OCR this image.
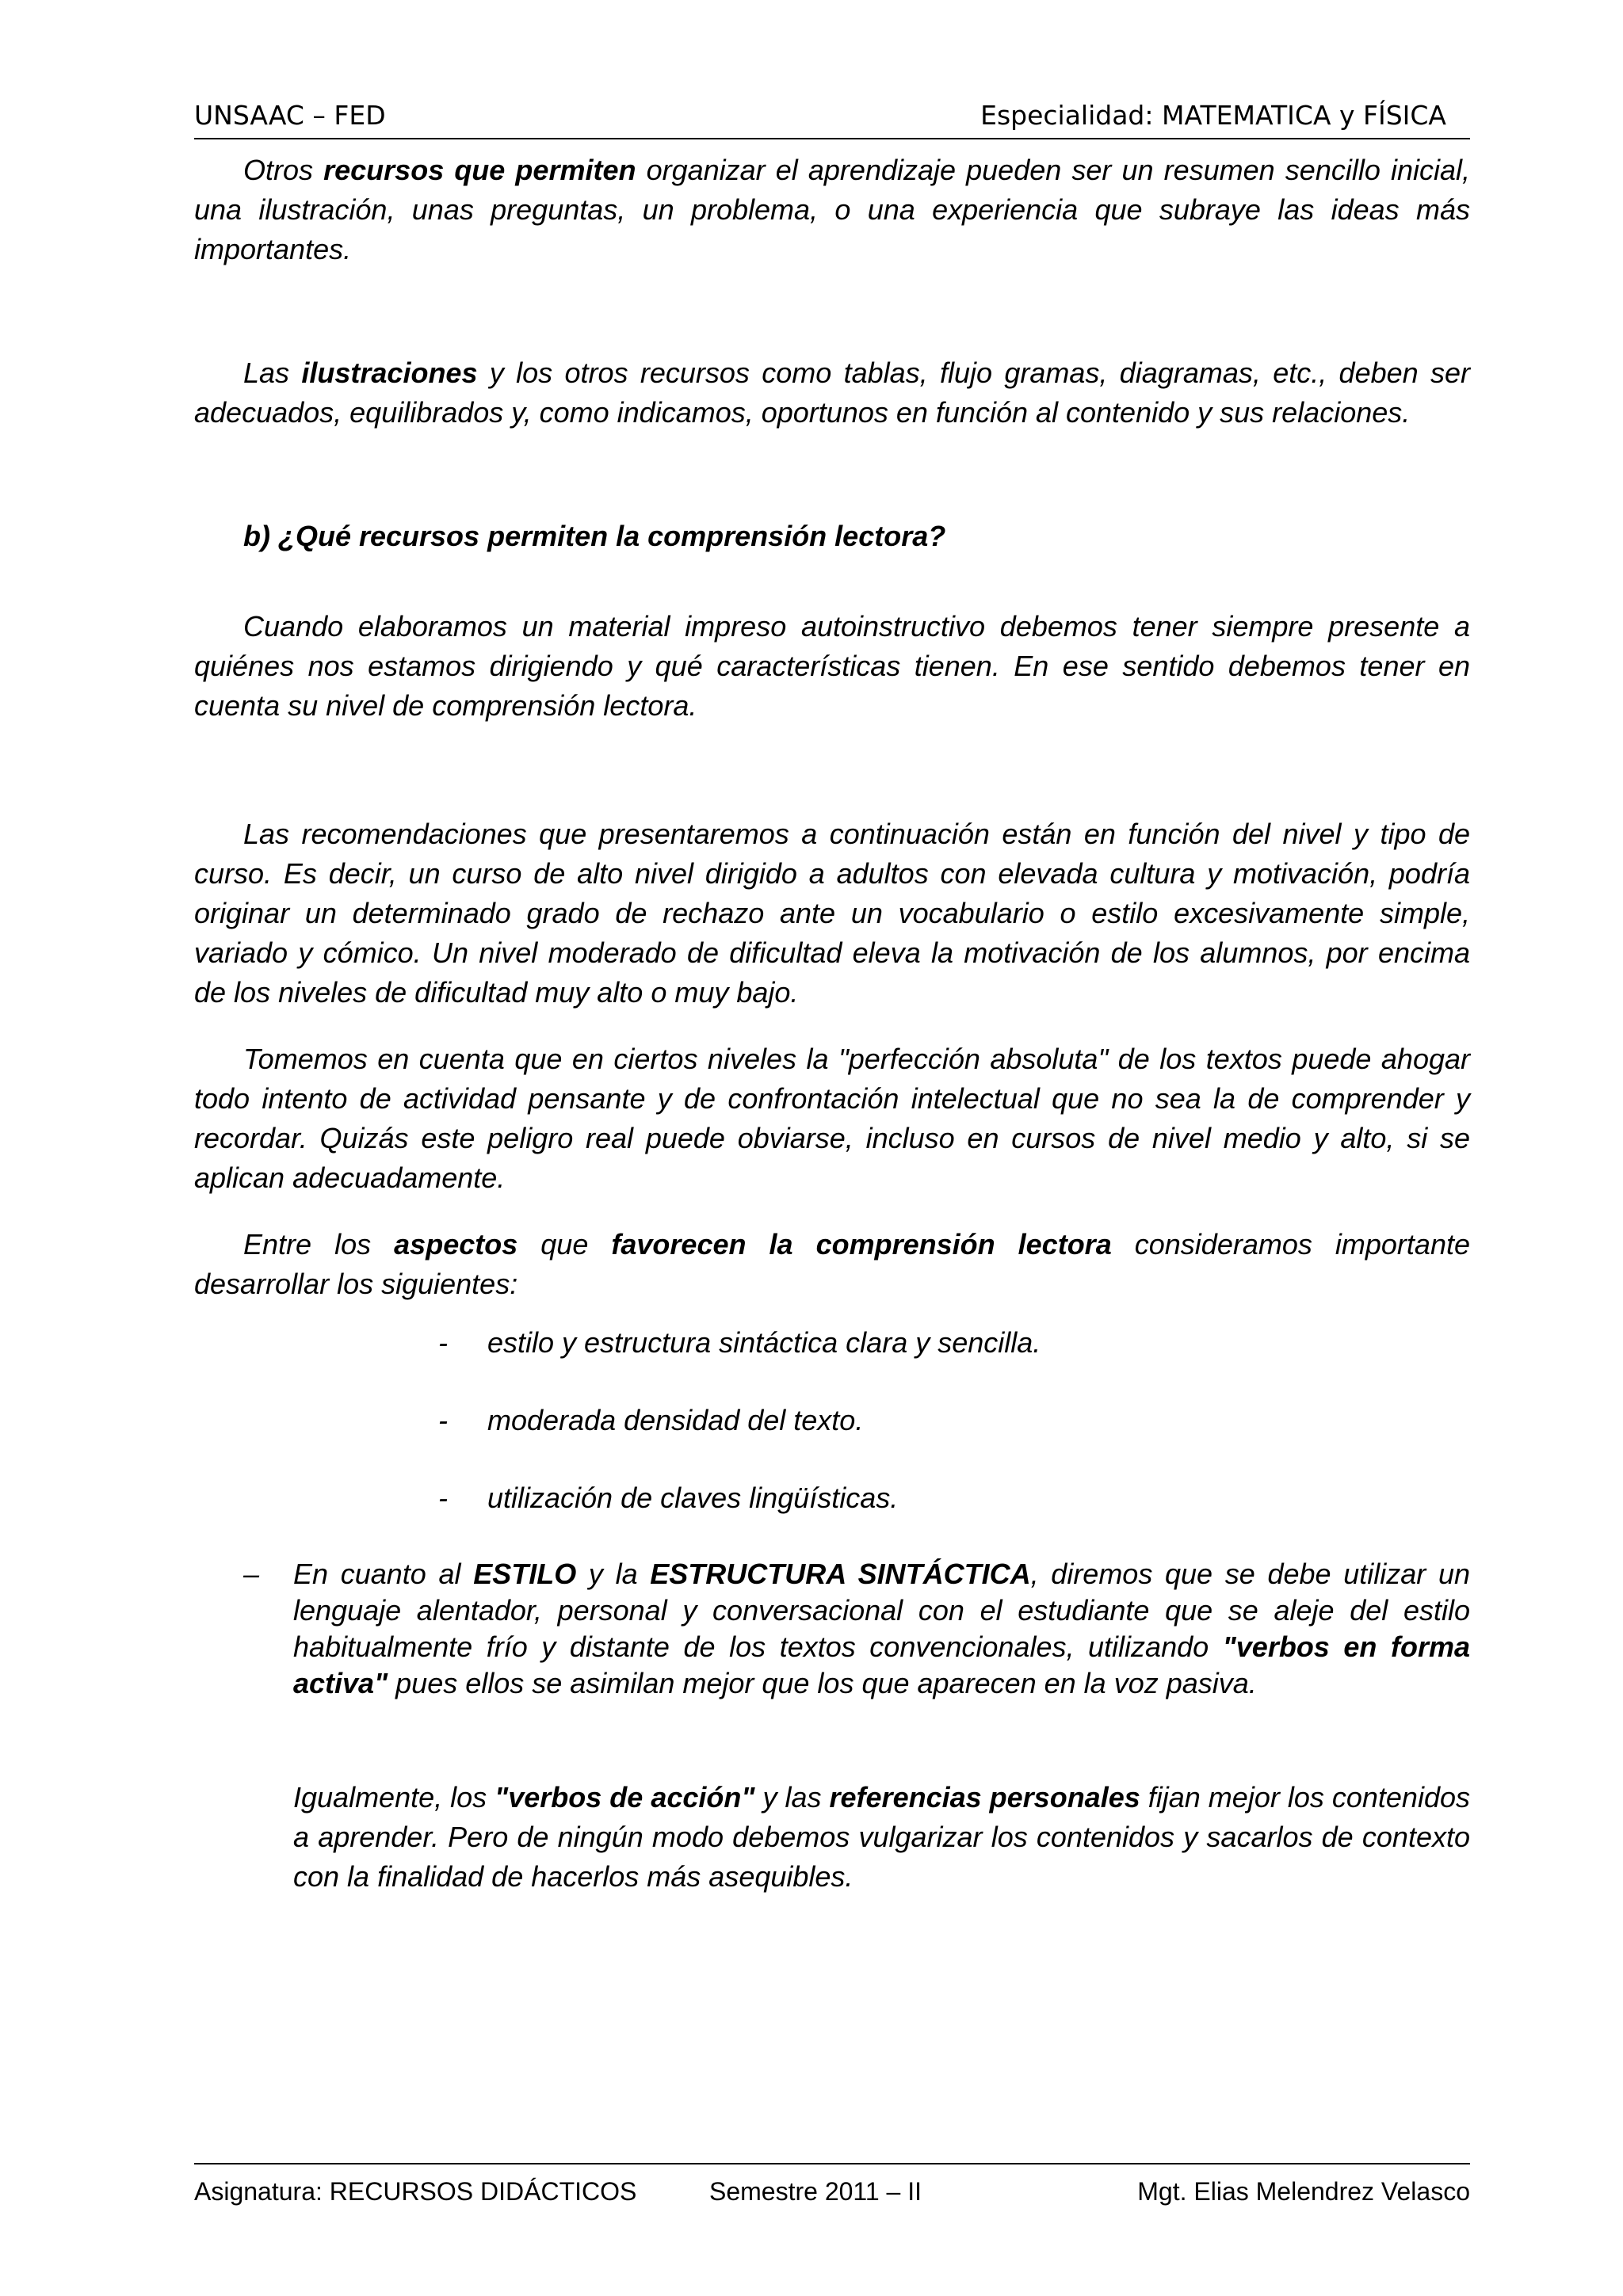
UNSAAC – FED	Especialidad: MATEMATICA y FÍSICA

Otros recursos que permiten organizar el aprendizaje pueden ser un resumen sencillo inicial, una ilustración, unas preguntas, un problema, o una experiencia que subraye las ideas más importantes.

Las ilustraciones y los otros recursos como tablas, flujo gramas, diagramas, etc., deben ser adecuados, equilibrados y, como indicamos, oportunos en función al contenido y sus relaciones.

b) ¿Qué recursos permiten la comprensión lectora?

Cuando elaboramos un material impreso autoinstructivo debemos tener siempre presente a quiénes nos estamos dirigiendo y qué características tienen. En ese sentido debemos tener en cuenta su nivel de comprensión lectora.

Las recomendaciones que presentaremos a continuación están en función del nivel y tipo de curso. Es decir, un curso de alto nivel dirigido a adultos con elevada cultura y motivación, podría originar un determinado grado de rechazo ante un vocabulario o estilo excesivamente simple, variado y cómico. Un nivel moderado de dificultad eleva la motivación de los alumnos, por encima de los niveles de dificultad muy alto o muy bajo.

Tomemos en cuenta que en ciertos niveles la "perfección absoluta" de los textos puede ahogar todo intento de actividad pensante y de confrontación intelectual que no sea la de comprender y recordar. Quizás este peligro real puede obviarse, incluso en cursos de nivel medio y alto, si se aplican adecuadamente.

Entre los aspectos que favorecen la comprensión lectora consideramos importante desarrollar los siguientes:

- estilo y estructura sintáctica clara y sencilla.
- moderada densidad del texto.
- utilización de claves lingüísticas.
– En cuanto al ESTILO y la ESTRUCTURA SINTÁCTICA, diremos que se debe utilizar un lenguaje alentador, personal y conversacional con el estudiante que se aleje del estilo habitualmente frío y distante de los textos convencionales, utilizando "verbos en forma activa" pues ellos se asimilan mejor que los que aparecen en la voz pasiva.

Igualmente, los "verbos de acción" y las referencias personales fijan mejor los contenidos a aprender. Pero de ningún modo debemos vulgarizar los contenidos y sacarlos de contexto con la finalidad de hacerlos más asequibles.

Asignatura: RECURSOS DIDÁCTICOS	Semestre 2011 – II	Mgt. Elias Melendrez Velasco
